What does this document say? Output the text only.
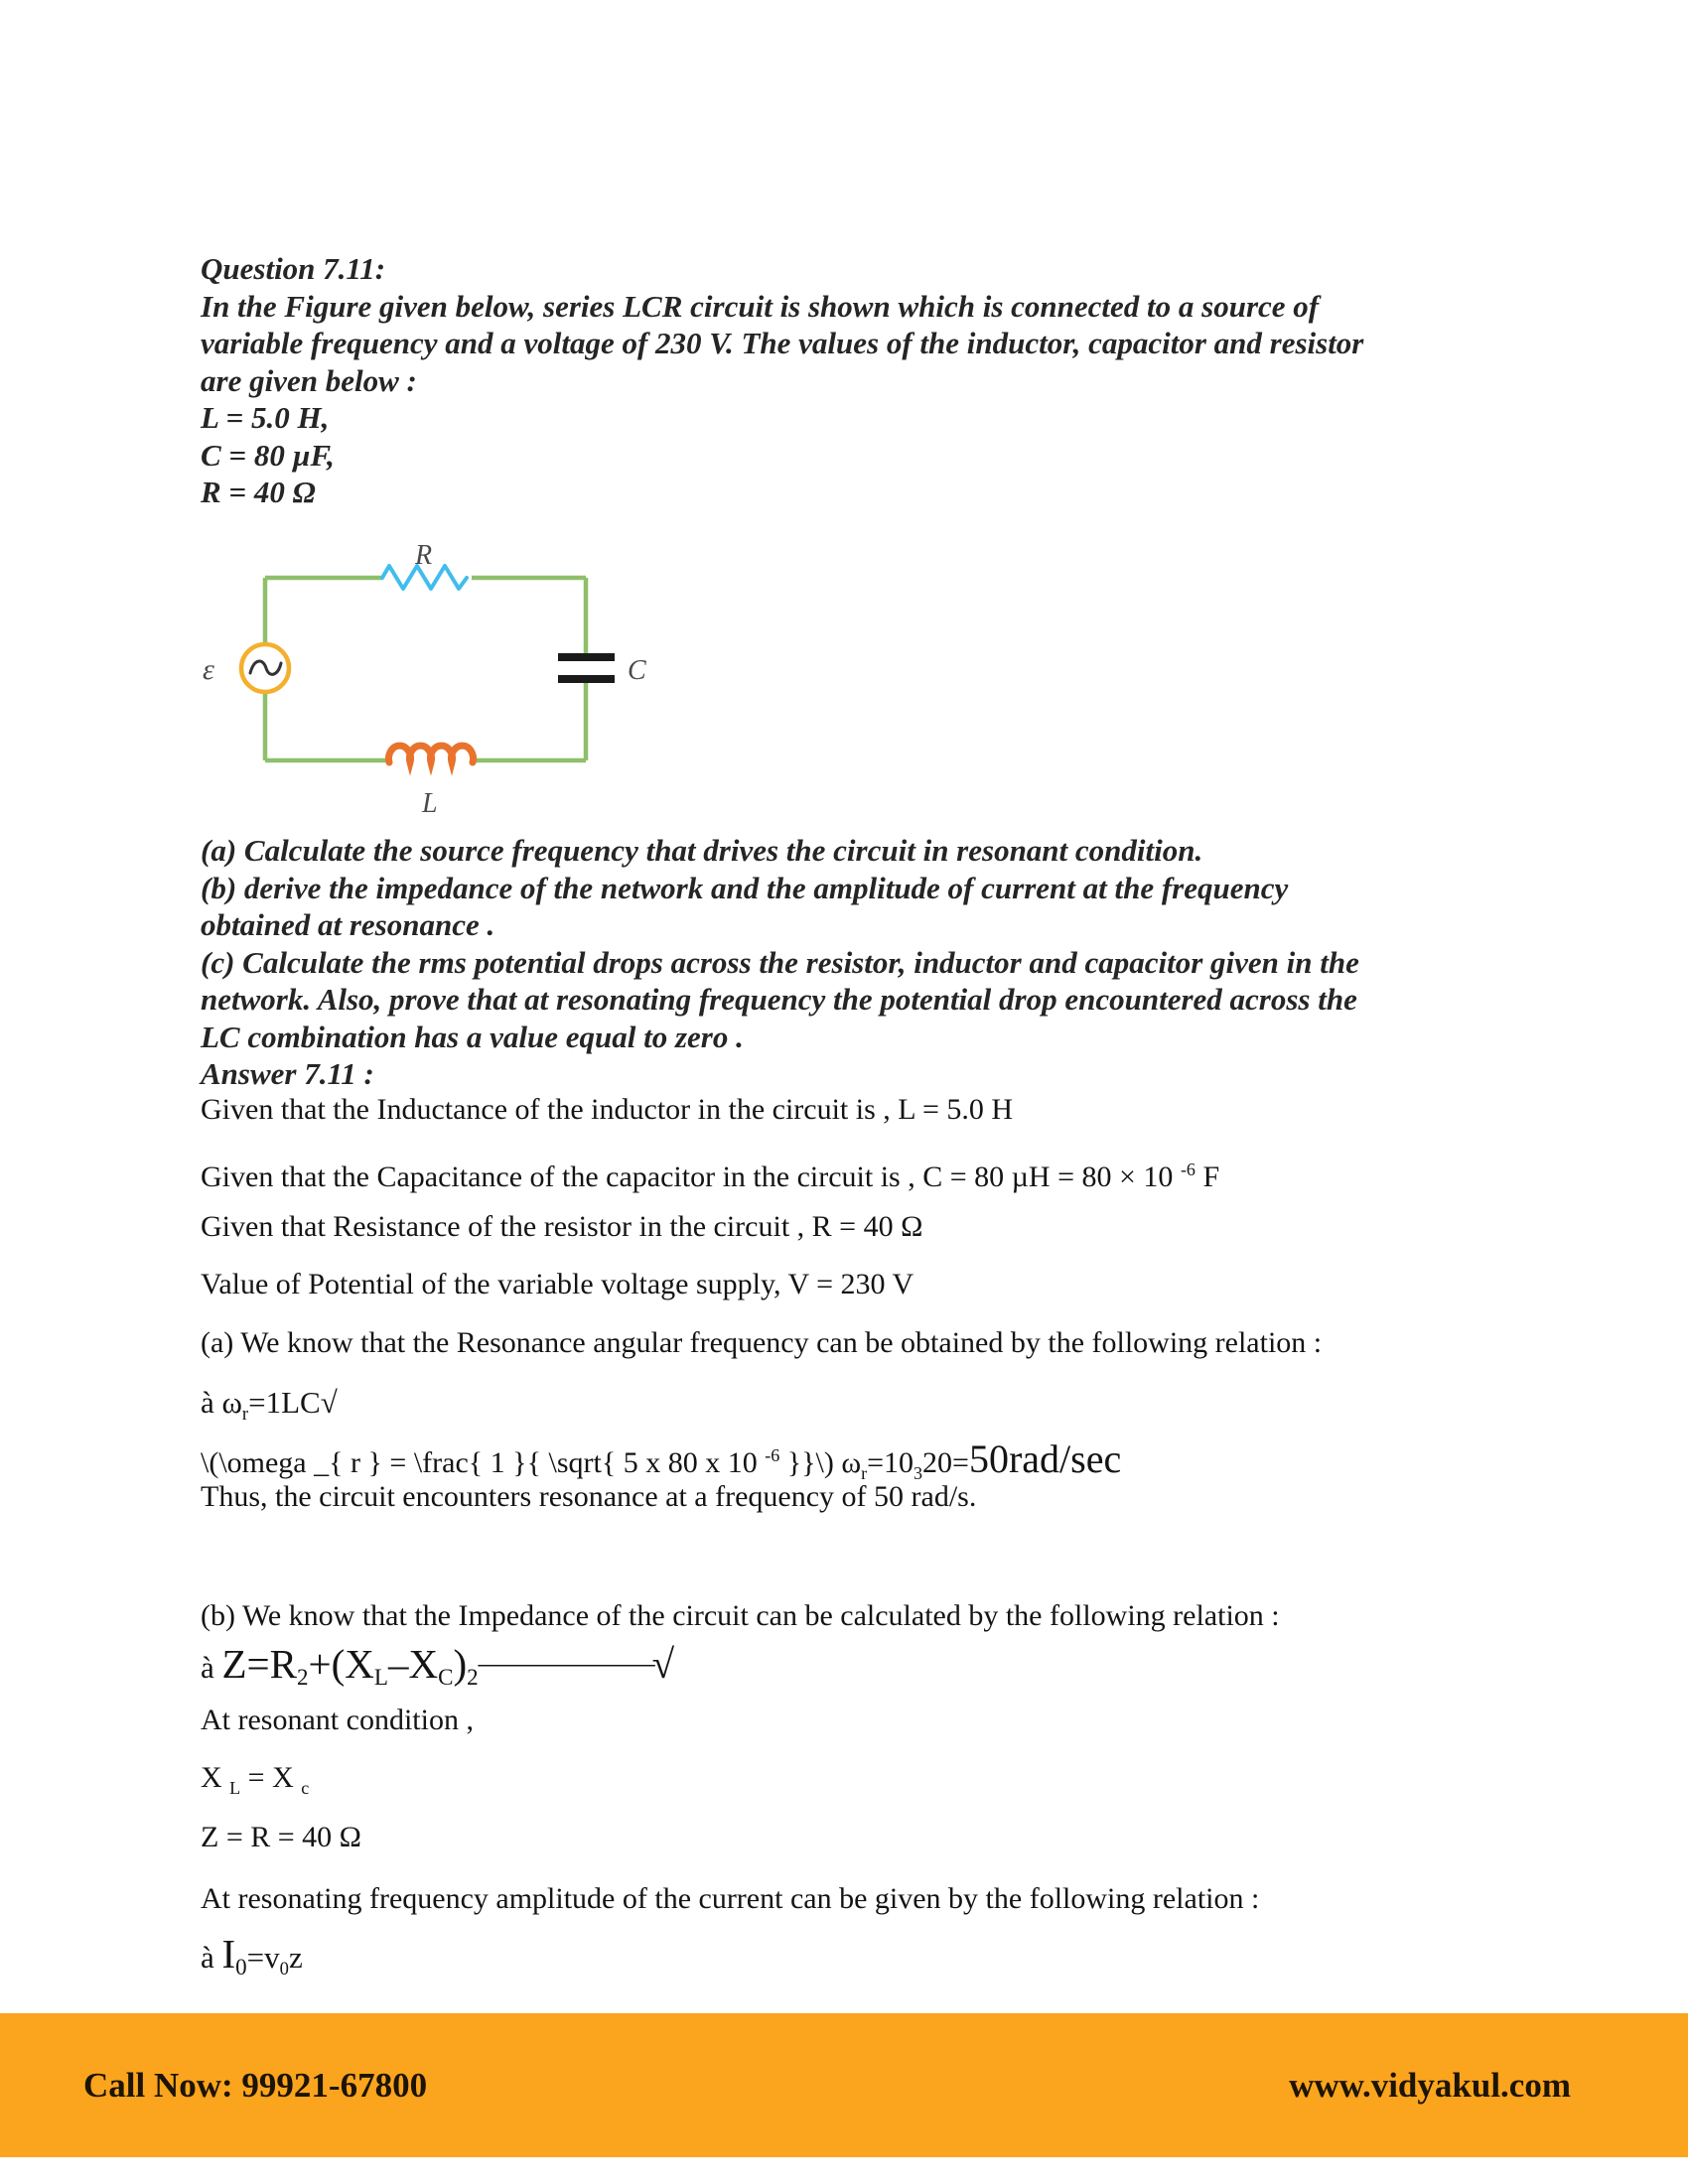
Question 7.11:
In the Figure given below, series LCR circuit is shown which is connected to a source of
variable frequency and a voltage of 230 V. The values of the inductor, capacitor and resistor
are given below :
L = 5.0 H,
C = 80 µF,
R = 40 Ω
R
C
L
ε
(a) Calculate the source frequency that drives the circuit in resonant condition.
(b) derive the impedance of the network and the amplitude of current at the frequency
obtained at resonance .
(c) Calculate the rms potential drops across the resistor, inductor and capacitor given in the
network. Also, prove that at resonating frequency the potential drop encountered across the
LC combination has a value equal to zero .
Answer 7.11 :
Given that the Inductance of the inductor in the circuit is , L = 5.0 H
Given that the Capacitance of the capacitor in the circuit is , C = 80 µH = 80 × 10 $^{-6}$ F
Given that Resistance of the resistor in the circuit , R = 40 Ω
Value of Potential of the variable voltage supply, V = 230 V
(a) We know that the Resonance angular frequency can be obtained by the following relation :
à $\omega_r=1LC√$
\(\omega _{ r } = \frac{ 1 }{ \sqrt{ 5 x 80 x 10 $^{-6}$ }}\) $\omega_r=10_320=50rad/\sec$
Thus, the circuit encounters resonance at a frequency of 50 rad/s.
(b) We know that the Impedance of the circuit can be calculated by the following relation :
à $Z=R_2+(X_L-X_C)_2--------------√$
At resonant condition ,
X $_L$ = X $_c$
Z = R = 40 Ω
At resonating frequency amplitude of the current can be given by the following relation :
à $I_0=v_0z$
Call Now: 99921-67800	www.vidyakul.com
